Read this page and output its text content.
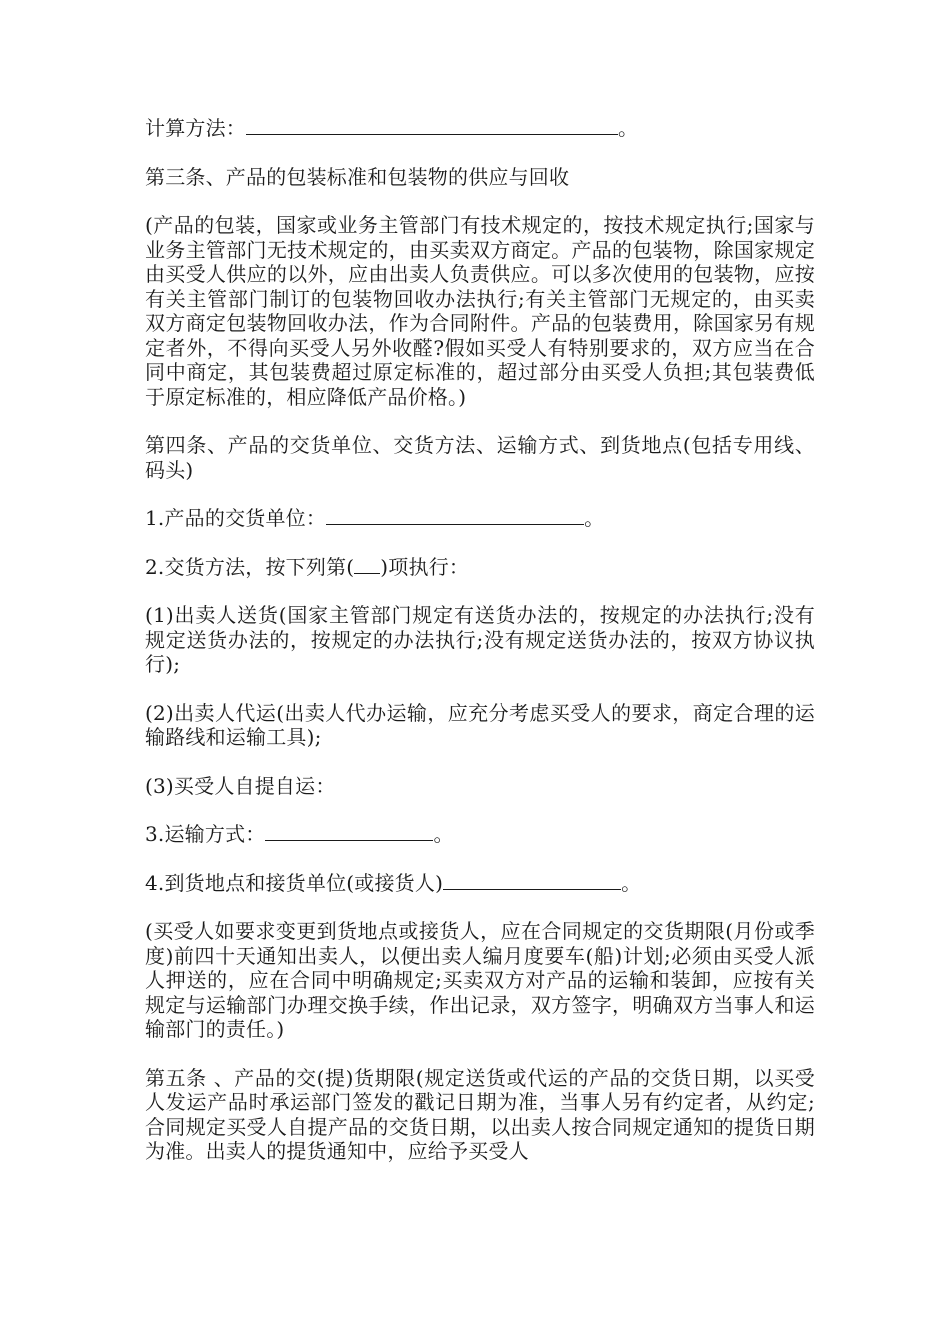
计算方法：	。

第三条、产品的包装标准和包装物的供应与回收

(产品的包装，国家或业务主管部门有技术规定的，按技术规定执行;国家与业务主管部门无技术规定的，由买卖双方商定。产品的包装物，除国家规定由买受人供应的以外，应由出卖人负责供应。可以多次使用的包装物，应按有关主管部门制订的包装物回收办法执行;有关主管部门无规定的，由买卖双方商定包装物回收办法，作为合同附件。产品的包装费用，除国家另有规定者外，不得向买受人另外收醛?假如买受人有特别要求的，双方应当在合同中商定，其包装费超过原定标准的，超过部分由买受人负担;其包装费低于原定标准的，相应降低产品价格。)

第四条、产品的交货单位、交货方法、运输方式、到货地点(包括专用线、码头)

1.产品的交货单位：	。

2.交货方法，按下列第( )项执行：

(1)出卖人送货(国家主管部门规定有送货办法的，按规定的办法执行;没有规定送货办法的，按规定的办法执行;没有规定送货办法的，按双方协议执行);

(2)出卖人代运(出卖人代办运输，应充分考虑买受人的要求，商定合理的运输路线和运输工具);

(3)买受人自提自运：

3.运输方式：	。

4.到货地点和接货单位(或接货人)	。

(买受人如要求变更到货地点或接货人，应在合同规定的交货期限(月份或季度)前四十天通知出卖人，以便出卖人编月度要车(船)计划;必须由买受人派人押送的，应在合同中明确规定;买卖双方对产品的运输和装卸，应按有关规定与运输部门办理交换手续，作出记录，双方签字，明确双方当事人和运输部门的责任。)

第五条 、产品的交(提)货期限(规定送货或代运的产品的交货日期，以买受人发运产品时承运部门签发的戳记日期为准，当事人另有约定者，从约定;合同规定买受人自提产品的交货日期，以出卖人按合同规定通知的提货日期为准。出卖人的提货通知中，应给予买受人
